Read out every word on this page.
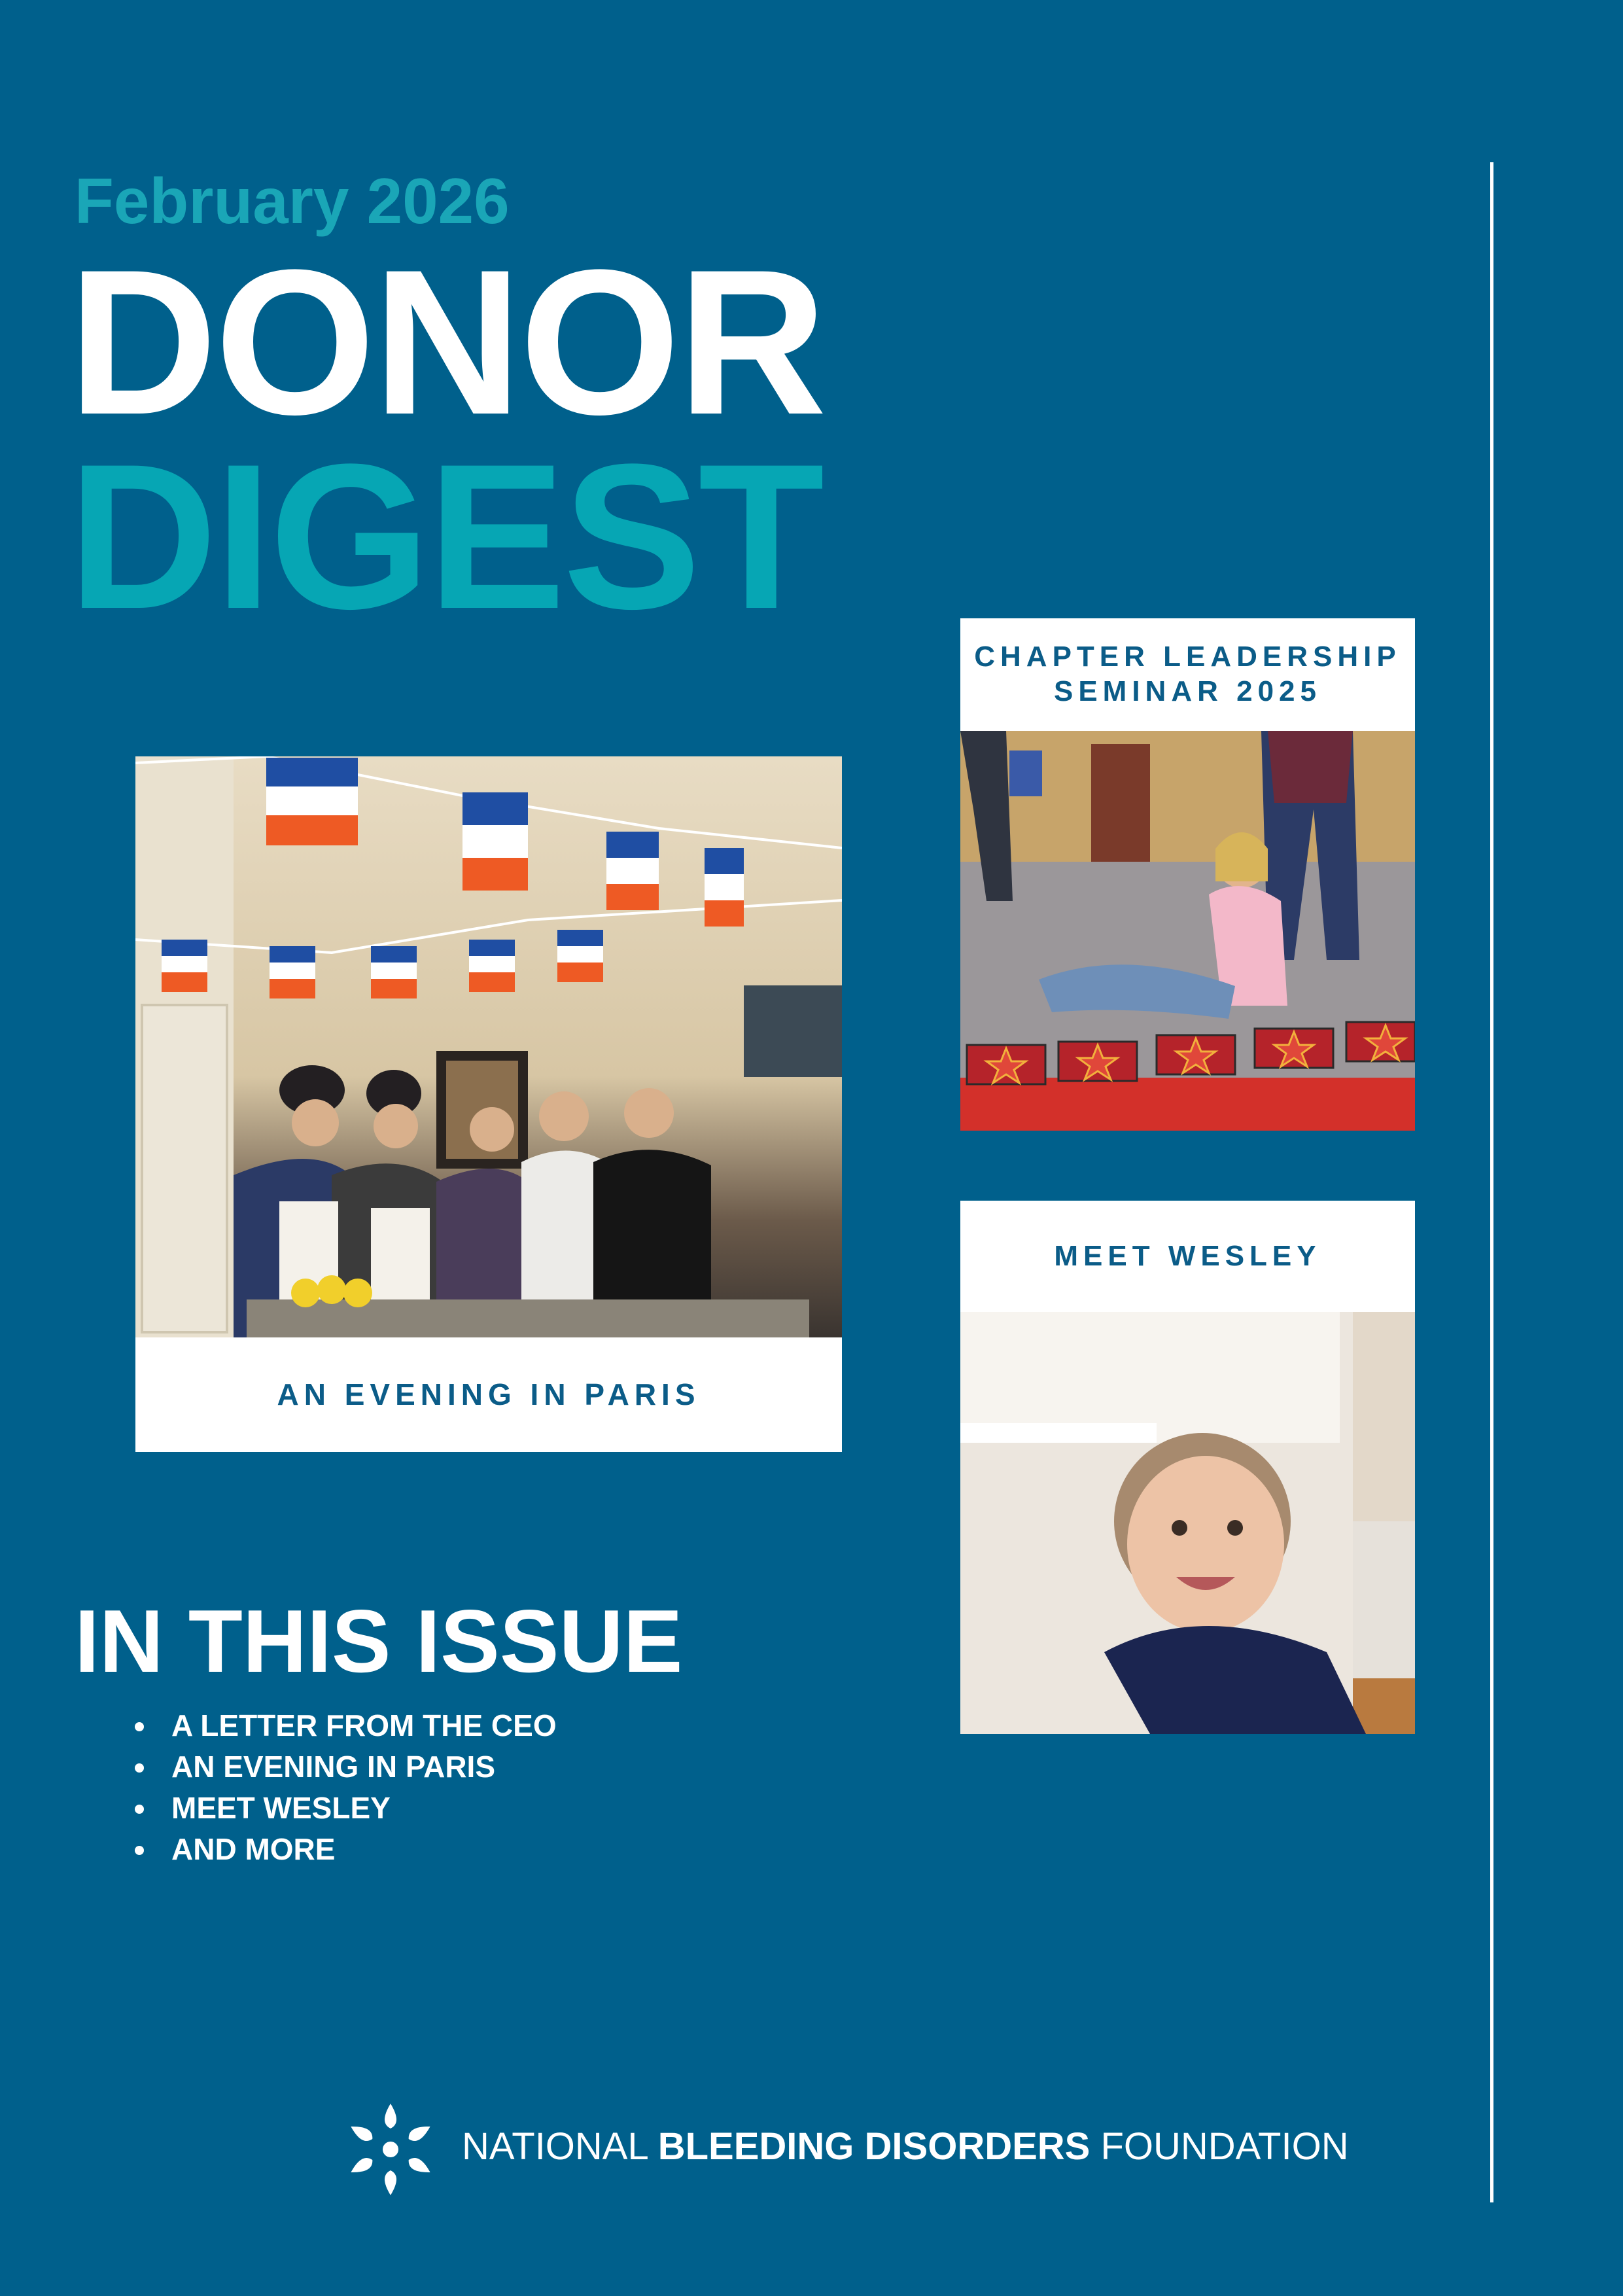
February 2026
DONOR
DIGEST
AN EVENING IN PARIS
CHAPTER LEADERSHIP
SEMINAR 2025
MEET WESLEY
IN THIS ISSUE
A LETTER FROM THE CEO
AN EVENING IN PARIS
MEET WESLEY
AND MORE
NATIONAL BLEEDING DISORDERS FOUNDATION
